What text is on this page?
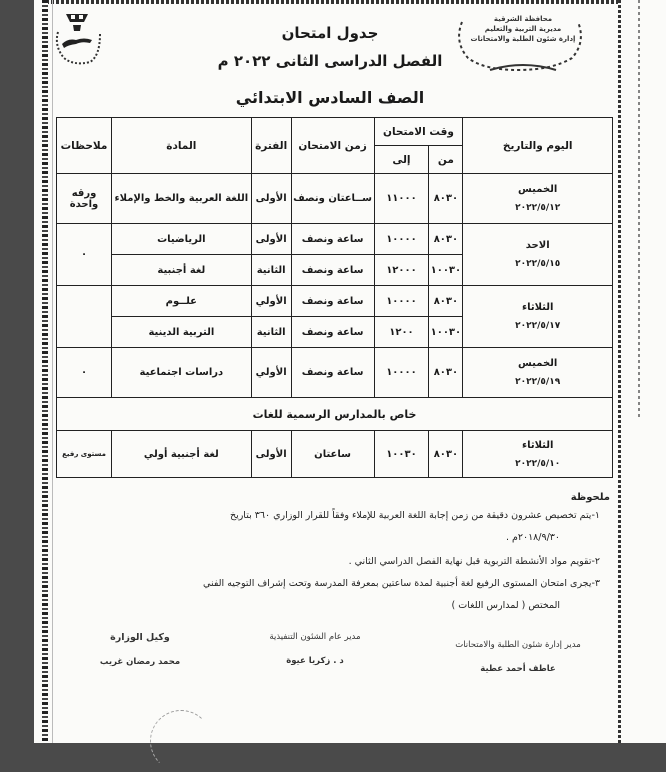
محافظة الشرقية
مديرية التربية والتعليم
إدارة شئون الطلبة والامتحانات
جدول امتحان
الفصل الدراسى الثانى ٢٠٢٢ م
الصف السادس الابتدائي
اليوم والتاريخ	وقت الامتحان		زمن الامتحان	الفترة	المادة	ملاحظات
	من	إلى				

الخميس
٢٠٢٢/٥/١٢	٨٠٣٠	١١٠٠٠	ســاعتان ونصف	الأولى	اللغة العربية والخط والإملاء	ورقه واحدة

الاحد
٢٠٢٢/٥/١٥	٨٠٣٠	١٠٠٠٠	ساعة ونصف	الأولى	الرياضيات	٠
	١٠٠٣٠	١٢٠٠٠	ساعة ونصف	الثانية	لغة أجنبية	

الثلاثاء
٢٠٢٢/٥/١٧	٨٠٣٠	١٠٠٠٠	ساعة ونصف	الأولي	علــوم	
	١٠٠٣٠	١٢٠٠	ساعة ونصف	الثانية	التربية الدينية	

الخميس
٢٠٢٢/٥/١٩	٨٠٣٠	١٠٠٠٠	ساعة ونصف	الأولي	دراسات اجتماعية	٠
خاص بالمدارس الرسمية للغات						

الثلاثاء
٢٠٢٢/٥/١٠	٨٠٣٠	١٠٠٣٠	ساعتان	الأولى	لغة أجنبية أولي	مستوى رفيع
ملحوظة
١-يتم تخصيص عشرون دقيقة من زمن إجابة اللغة العربية للإملاء وفقاً للقرار الوزاري ٣٦٠ بتاريخ
٢٠١٨/٩/٣٠م .
٢-تقويم مواد الأنشطة التربوية قبل نهاية الفصل الدراسي الثاني .
٣-يجرى امتحان المستوى الرفيع لغة أجنبية لمدة ساعتين بمعرفة المدرسة وتحت إشراف التوجيه الفني
المختص ( لمدارس اللغات )
مدير إدارة شئون الطلبة والامتحانات
عاطف أحمد عطية
مدير عام الشئون التنفيذية
د . زكريا عيوة
وكيل الوزارة
محمد رمضان غريب
